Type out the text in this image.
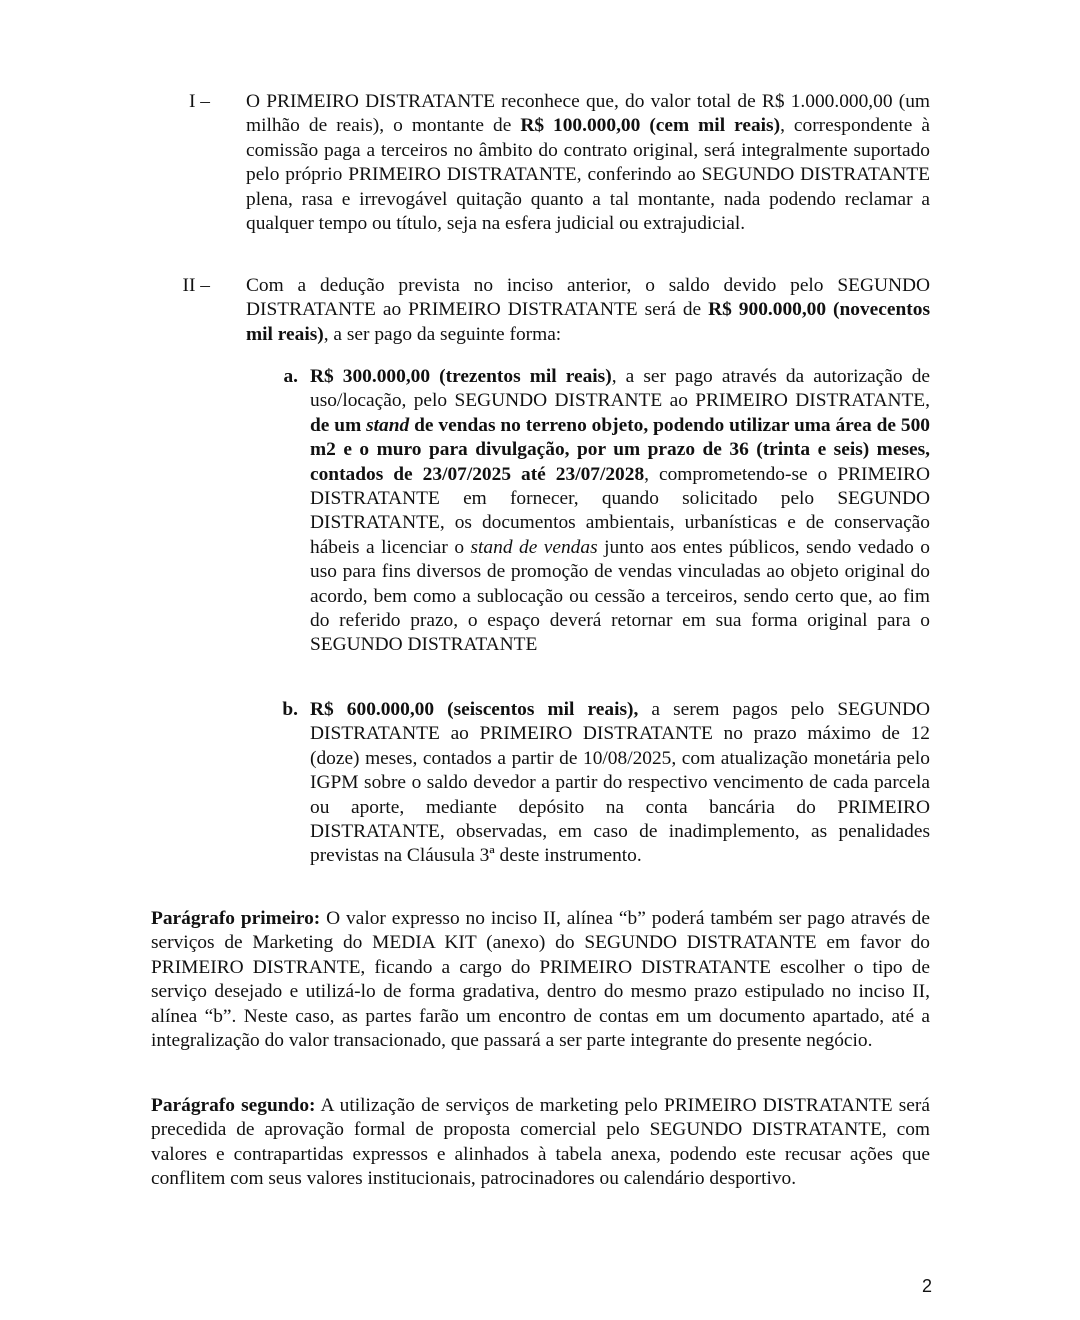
I – O PRIMEIRO DISTRATANTE reconhece que, do valor total de R$ 1.000.000,00 (um milhão de reais), o montante de R$ 100.000,00 (cem mil reais), correspondente à comissão paga a terceiros no âmbito do contrato original, será integralmente suportado pelo próprio PRIMEIRO DISTRATANTE, conferindo ao SEGUNDO DISTRATANTE plena, rasa e irrevogável quitação quanto a tal montante, nada podendo reclamar a qualquer tempo ou título, seja na esfera judicial ou extrajudicial.
II – Com a dedução prevista no inciso anterior, o saldo devido pelo SEGUNDO DISTRATANTE ao PRIMEIRO DISTRATANTE será de R$ 900.000,00 (novecentos mil reais), a ser pago da seguinte forma:
a. R$ 300.000,00 (trezentos mil reais), a ser pago através da autorização de uso/locação, pelo SEGUNDO DISTRANTE ao PRIMEIRO DISTRATANTE, de um stand de vendas no terreno objeto, podendo utilizar uma área de 500 m2 e o muro para divulgação, por um prazo de 36 (trinta e seis) meses, contados de 23/07/2025 até 23/07/2028, comprometendo-se o PRIMEIRO DISTRATANTE em fornecer, quando solicitado pelo SEGUNDO DISTRATANTE, os documentos ambientais, urbanísticas e de conservação hábeis a licenciar o stand de vendas junto aos entes públicos, sendo vedado o uso para fins diversos de promoção de vendas vinculadas ao objeto original do acordo, bem como a sublocação ou cessão a terceiros, sendo certo que, ao fim do referido prazo, o espaço deverá retornar em sua forma original para o SEGUNDO DISTRATANTE
b. R$ 600.000,00 (seiscentos mil reais), a serem pagos pelo SEGUNDO DISTRATANTE ao PRIMEIRO DISTRATANTE no prazo máximo de 12 (doze) meses, contados a partir de 10/08/2025, com atualização monetária pelo IGPM sobre o saldo devedor a partir do respectivo vencimento de cada parcela ou aporte, mediante depósito na conta bancária do PRIMEIRO DISTRATANTE, observadas, em caso de inadimplemento, as penalidades previstas na Cláusula 3ª deste instrumento.
Parágrafo primeiro: O valor expresso no inciso II, alínea “b” poderá também ser pago através de serviços de Marketing do MEDIA KIT (anexo) do SEGUNDO DISTRATANTE em favor do PRIMEIRO DISTRANTE, ficando a cargo do PRIMEIRO DISTRATANTE escolher o tipo de serviço desejado e utilizá-lo de forma gradativa, dentro do mesmo prazo estipulado no inciso II, alínea “b”. Neste caso, as partes farão um encontro de contas em um documento apartado, até a integralização do valor transacionado, que passará a ser parte integrante do presente negócio.
Parágrafo segundo: A utilização de serviços de marketing pelo PRIMEIRO DISTRATANTE será precedida de aprovação formal de proposta comercial pelo SEGUNDO DISTRATANTE, com valores e contrapartidas expressos e alinhados à tabela anexa, podendo este recusar ações que conflitem com seus valores institucionais, patrocinadores ou calendário desportivo.
2
